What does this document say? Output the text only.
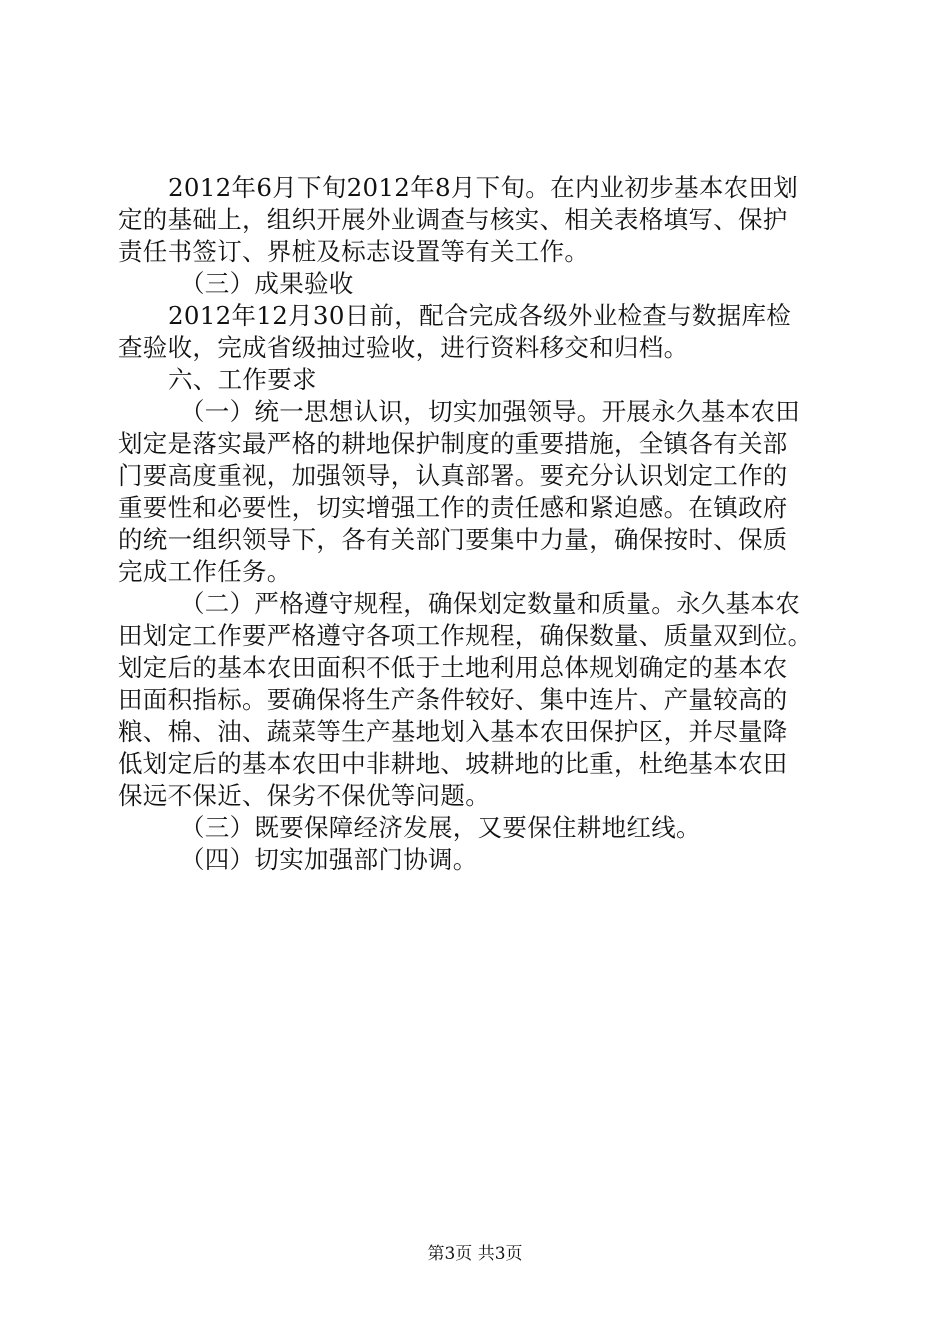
2012年6月下旬2012年8月下旬。在内业初步基本农田划
定的基础上，组织开展外业调查与核实、相关表格填写、保护
责任书签订、界桩及标志设置等有关工作。
（三）成果验收
2012年12月30日前，配合完成各级外业检查与数据库检
查验收，完成省级抽过验收，进行资料移交和归档。
六、工作要求
（一）统一思想认识，切实加强领导。开展永久基本农田
划定是落实最严格的耕地保护制度的重要措施，全镇各有关部
门要高度重视，加强领导，认真部署。要充分认识划定工作的
重要性和必要性，切实增强工作的责任感和紧迫感。在镇政府
的统一组织领导下，各有关部门要集中力量，确保按时、保质
完成工作任务。
（二）严格遵守规程，确保划定数量和质量。永久基本农
田划定工作要严格遵守各项工作规程，确保数量、质量双到位。
划定后的基本农田面积不低于土地利用总体规划确定的基本农
田面积指标。要确保将生产条件较好、集中连片、产量较高的
粮、棉、油、蔬菜等生产基地划入基本农田保护区，并尽量降
低划定后的基本农田中非耕地、坡耕地的比重，杜绝基本农田
保远不保近、保劣不保优等问题。
（三）既要保障经济发展，又要保住耕地红线。
（四）切实加强部门协调。
第3页 共3页
